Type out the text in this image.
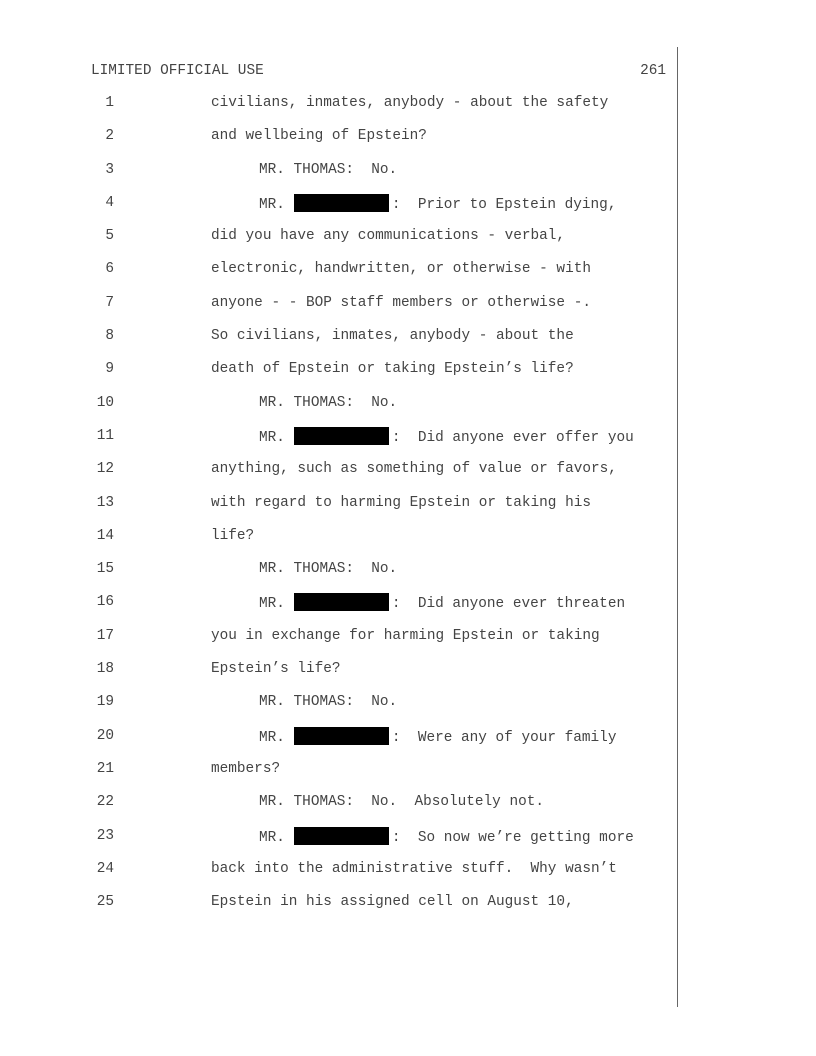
LIMITED OFFICIAL USE	261
1	civilians, inmates, anybody - about the safety
2	and wellbeing of Epstein?
3	MR. THOMAS: No.
4	MR.	:  Prior to Epstein dying,
5	did you have any communications - verbal,
6	electronic, handwritten, or otherwise - with
7	anyone - - BOP staff members or otherwise -.
8	So civilians, inmates, anybody - about the
9	death of Epstein or taking Epstein’s life?
10	MR. THOMAS: No.
11	MR.	:  Did anyone ever offer you
12	anything, such as something of value or favors,
13	with regard to harming Epstein or taking his
14	life?
15	MR. THOMAS: No.
16	MR.	:  Did anyone ever threaten
17	you in exchange for harming Epstein or taking
18	Epstein’s life?
19	MR. THOMAS: No.
20	MR.	:  Were any of your family
21	members?
22	MR. THOMAS: No.  Absolutely not.
23	MR.	:  So now we’re getting more
24	back into the administrative stuff.  Why wasn’t
25	Epstein in his assigned cell on August 10,
